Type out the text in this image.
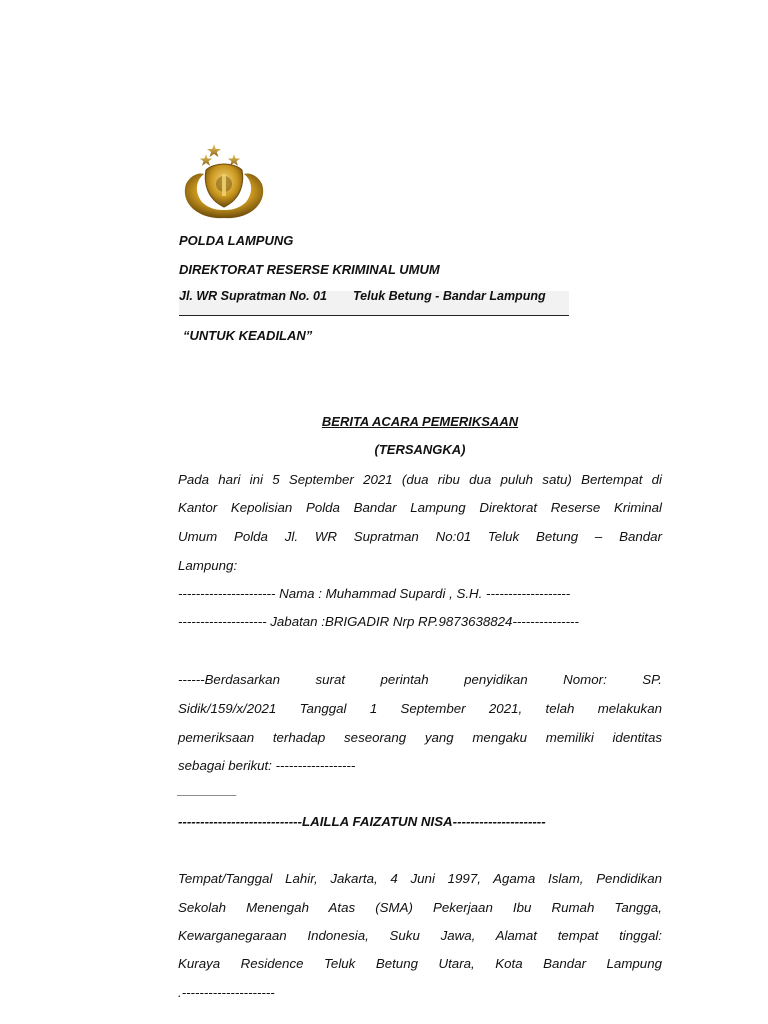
POLDA LAMPUNG
DIREKTORAT RESERSE KRIMINAL UMUM
Jl. WR Supratman No. 01	Teluk Betung - Bandar Lampung
“UNTUK KEADILAN”
BERITA ACARA PEMERIKSAAN
(TERSANGKA)
Pada hari ini 5 September 2021 (dua ribu dua puluh satu) Bertempat di
Kantor Kepolisian Polda Bandar Lampung Direktorat Reserse Kriminal
Umum Polda Jl. WR Supratman No:01 Teluk Betung – Bandar
Lampung:
---------------------- Nama : Muhammad Supardi , S.H. -------------------
-------------------- Jabatan :BRIGADIR Nrp RP.9873638824---------------
------Berdasarkan surat perintah penyidikan Nomor: SP.
Sidik/159/x/2021 Tanggal 1 September 2021, telah melakukan
pemeriksaan terhadap seseorang yang mengaku memiliki identitas
sebagai berikut: ------------------
________
----------------------------LAILLA FAIZATUN NISA---------------------
Tempat/Tanggal Lahir, Jakarta, 4 Juni 1997, Agama Islam, Pendidikan
Sekolah Menengah Atas (SMA) Pekerjaan Ibu Rumah Tangga,
Kewarganegaraan Indonesia, Suku Jawa, Alamat tempat tinggal:
Kuraya Residence Teluk Betung Utara, Kota Bandar Lampung
.---------------------
